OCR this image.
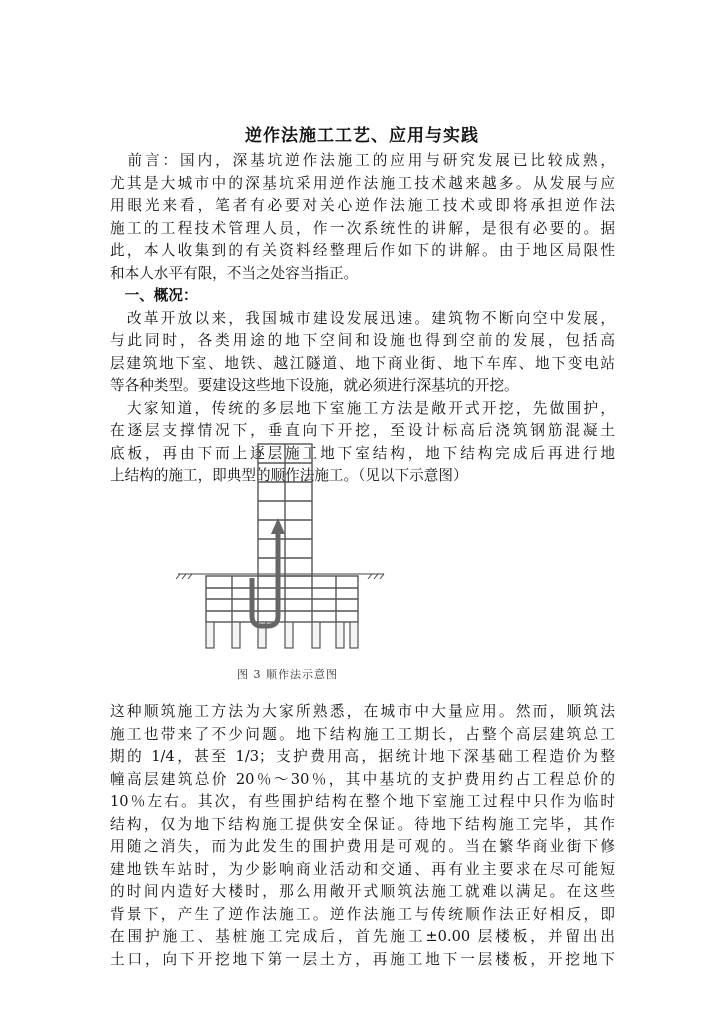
逆作法施工工艺、应用与实践
　前言：国内，深基坑逆作法施工的应用与研究发展已比较成熟，
尤其是大城市中的深基坑采用逆作法施工技术越来越多。从发展与应
用眼光来看，笔者有必要对关心逆作法施工技术或即将承担逆作法
施工的工程技术管理人员，作一次系统性的讲解，是很有必要的。据
此，本人收集到的有关资料经整理后作如下的讲解。由于地区局限性
和本人水平有限，不当之处容当指正。
　一、概况：
　改革开放以来，我国城市建设发展迅速。建筑物不断向空中发展，
与此同时，各类用途的地下空间和设施也得到空前的发展，包括高
层建筑地下室、地铁、越江隧道、地下商业街、地下车库、地下变电站
等各种类型。要建设这些地下设施，就必须进行深基坑的开挖。
　大家知道，传统的多层地下室施工方法是敞开式开挖，先做围护，
在逐层支撑情况下，垂直向下开挖，至设计标高后浇筑钢筋混凝土
底板，再由下而上逐层施工地下室结构，地下结构完成后再进行地
上结构的施工，即典型的顺作法施工。（见以下示意图）
图 3 顺作法示意图
这种顺筑施工方法为大家所熟悉，在城市中大量应用。然而，顺筑法
施工也带来了不少问题。地下结构施工工期长，占整个高层建筑总工
期的 1/4，甚至 1/3；支护费用高，据统计地下深基础工程造价为整
幢高层建筑总价 20％～30％，其中基坑的支护费用约占工程总价的
10％左右。其次，有些围护结构在整个地下室施工过程中只作为临时
结构，仅为地下结构施工提供安全保证。待地下结构施工完毕，其作
用随之消失，而为此发生的围护费用是可观的。当在繁华商业街下修
建地铁车站时，为少影响商业活动和交通、再有业主要求在尽可能短
的时间内造好大楼时，那么用敞开式顺筑法施工就难以满足。在这些
背景下，产生了逆作法施工。逆作法施工与传统顺作法正好相反，即
在围护施工、基桩施工完成后，首先施工±0.00 层楼板，并留出出
土口，向下开挖地下第一层土方，再施工地下一层楼板，开挖地下
